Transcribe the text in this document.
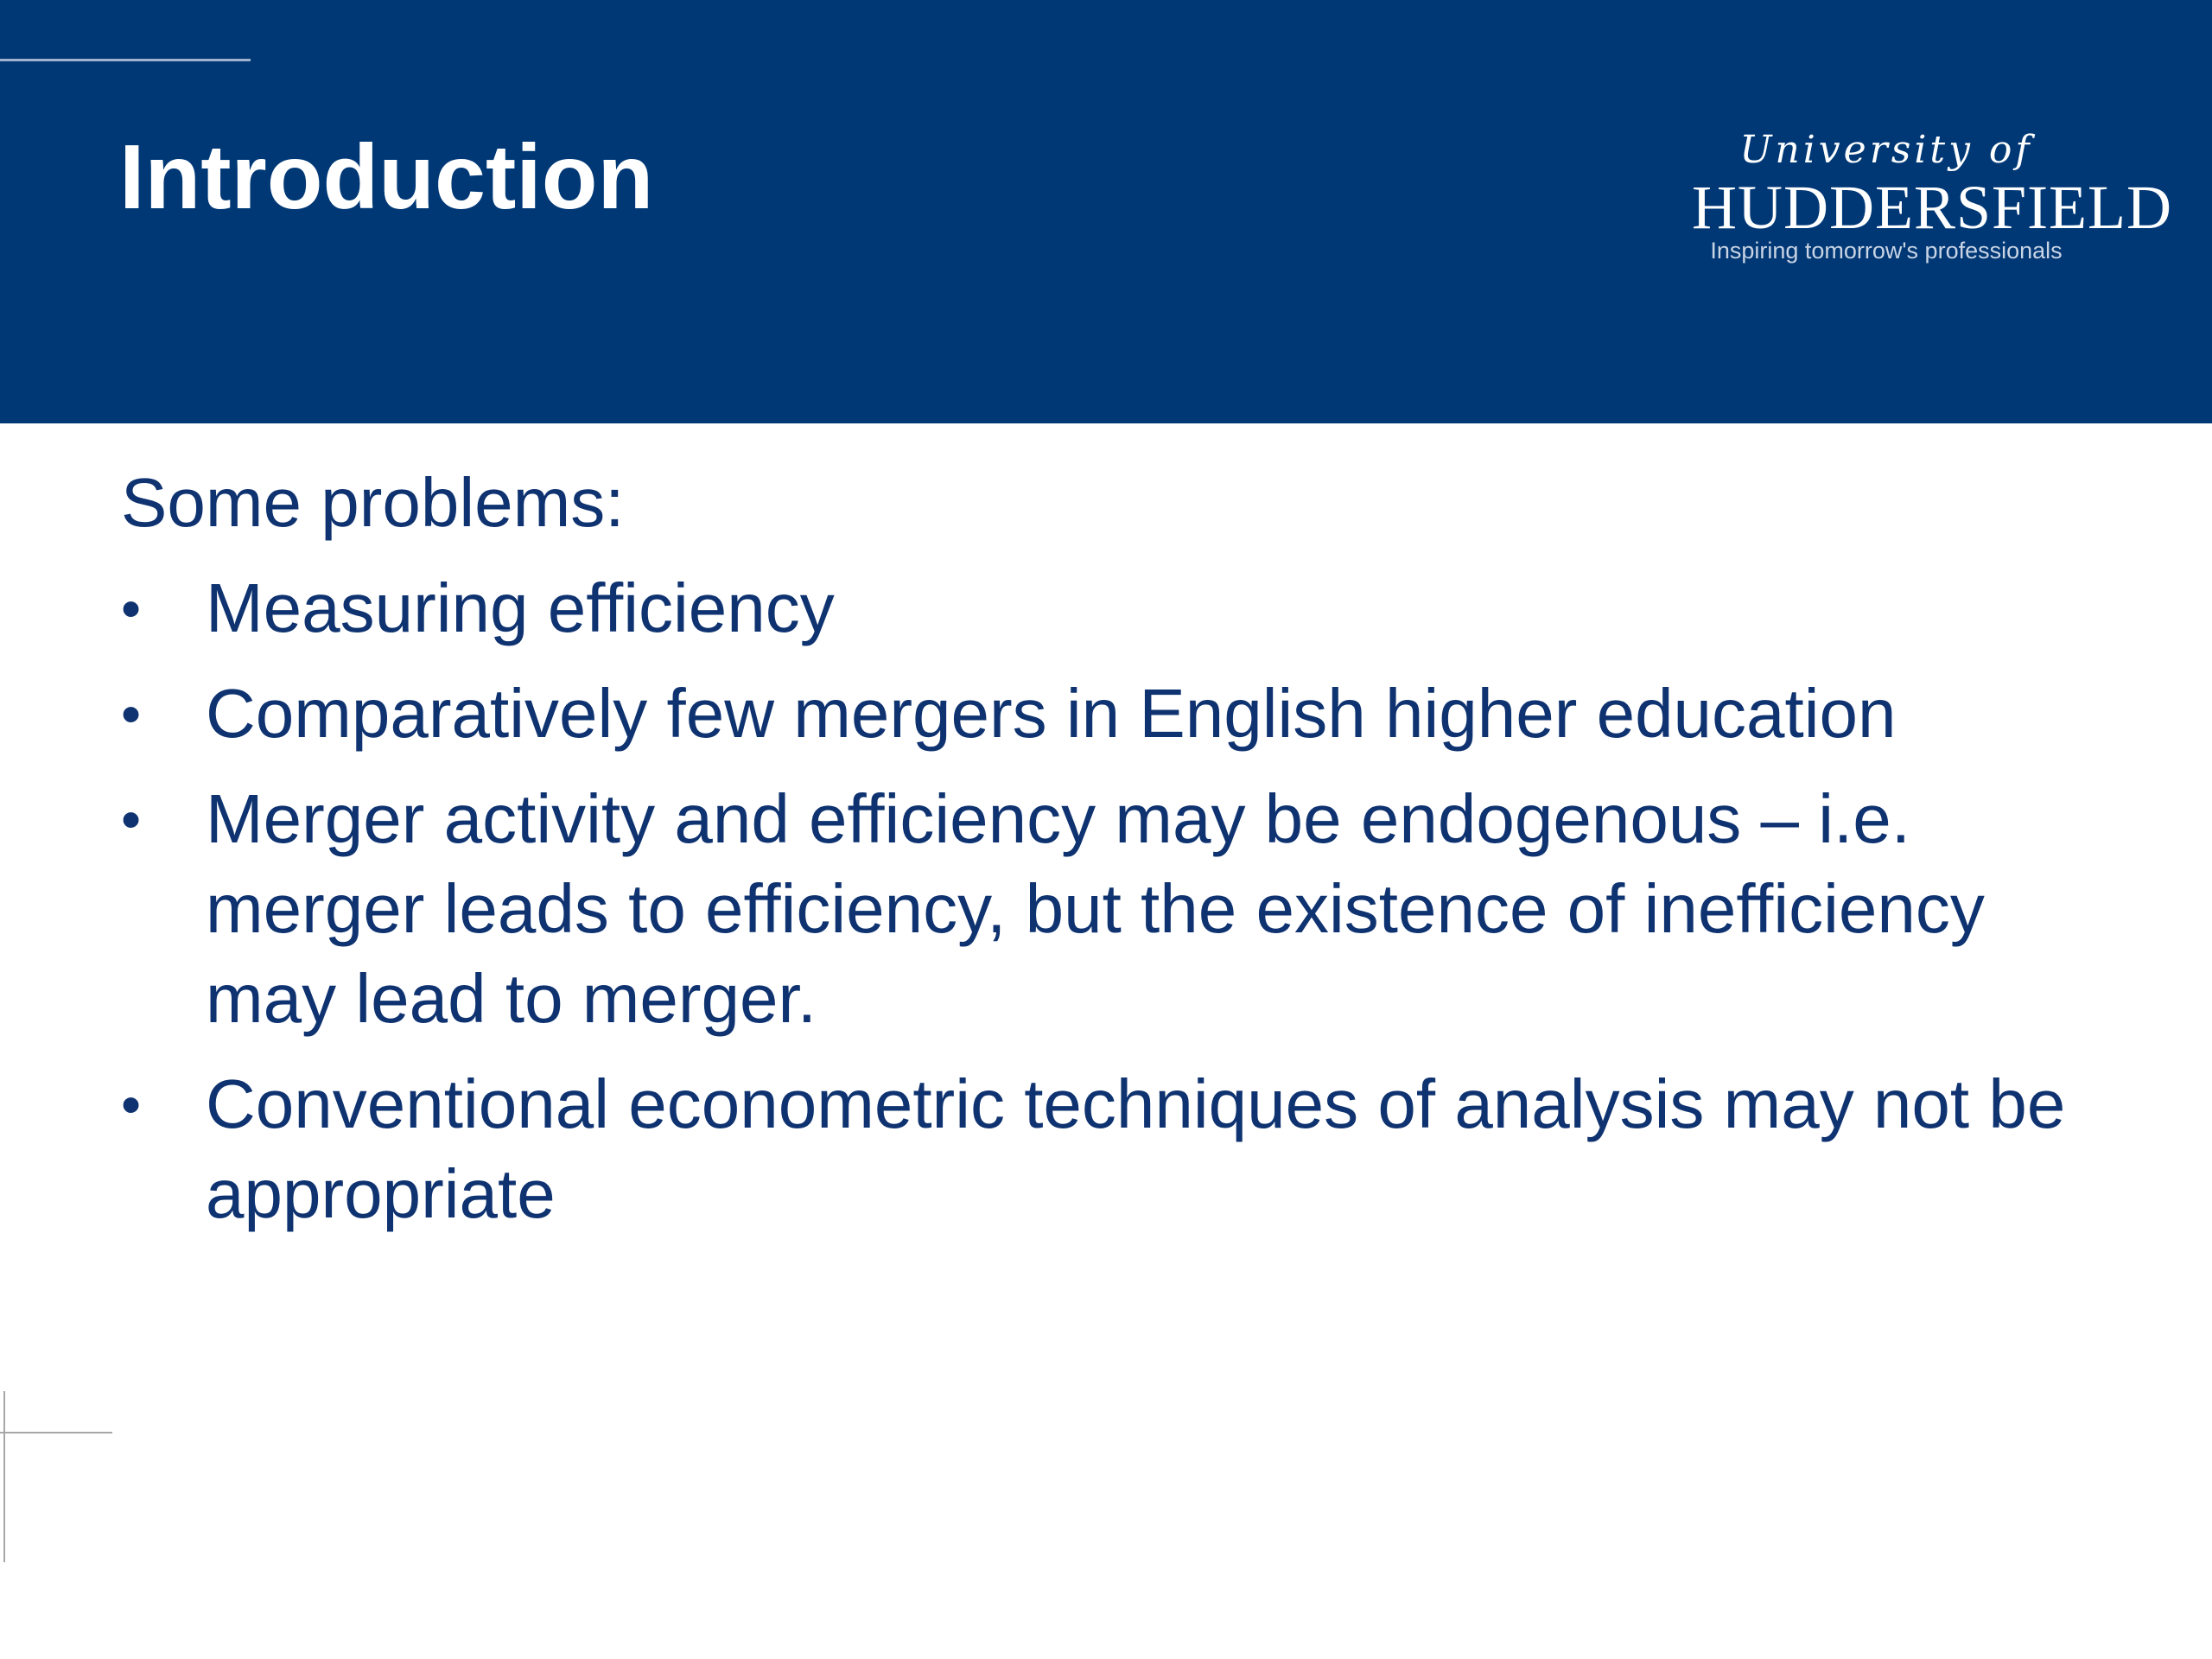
Introduction	University of
HUDDERSFIELD
Inspiring tomorrow's professionals

Some problems:

• Measuring efficiency
• Comparatively few mergers in English higher education
• Merger activity and efficiency may be endogenous – i.e. merger leads to efficiency, but the existence of inefficiency may lead to merger.
• Conventional econometric techniques of analysis may not be appropriate
